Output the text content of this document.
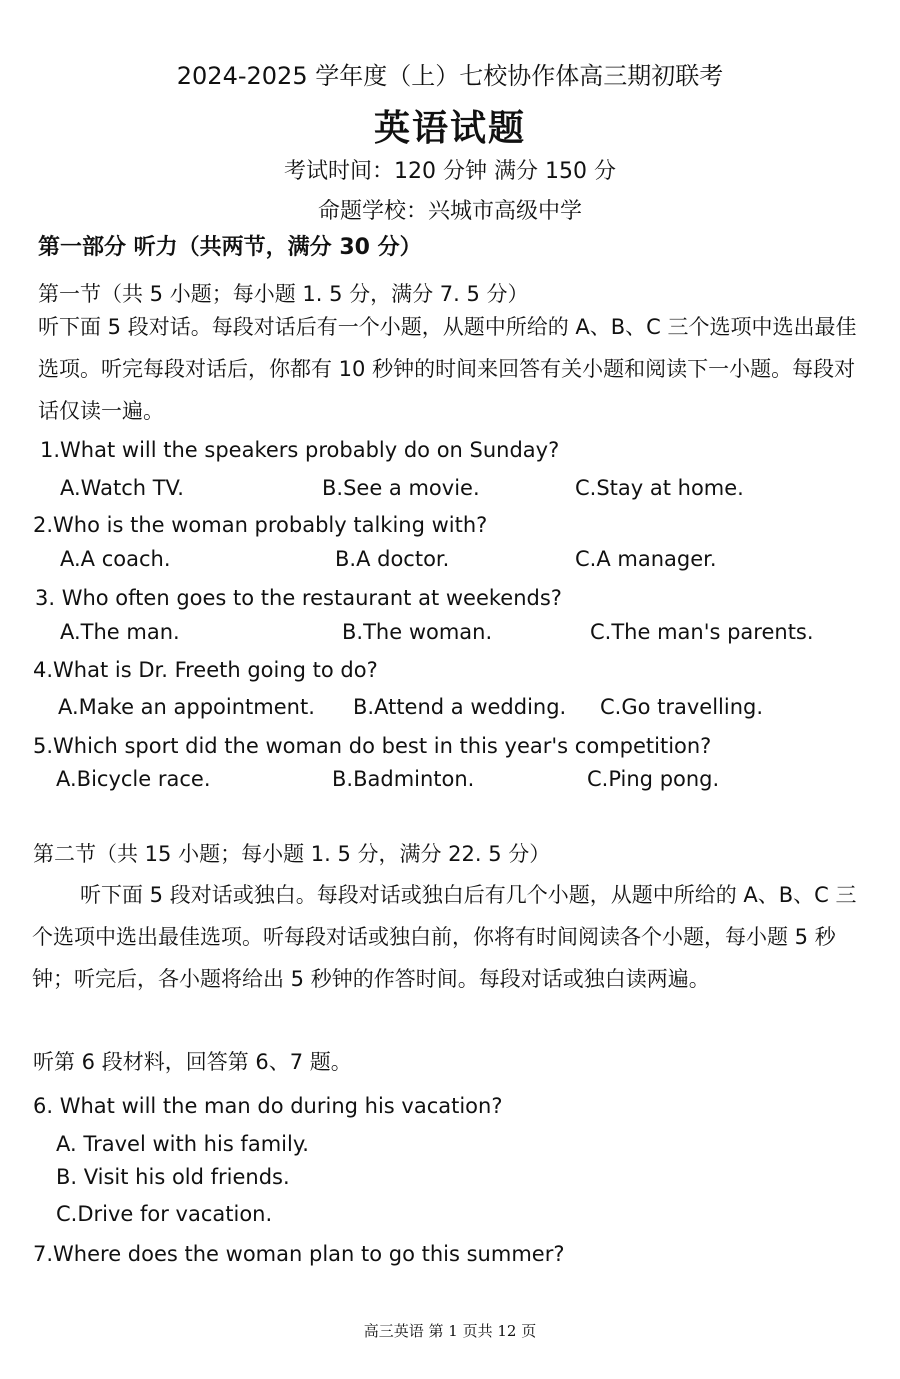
2024-2025 学年度（上）七校协作体高三期初联考
英语试题
考试时间：120 分钟 满分 150 分
命题学校：兴城市高级中学
第一部分 听力（共两节，满分 30 分）
第一节（共 5 小题；每小题 1. 5 分，满分 7. 5 分）
听下面 5 段对话。每段对话后有一个小题，从题中所给的 A、B、C 三个选项中选出最佳选项。听完每段对话后，你都有 10 秒钟的时间来回答有关小题和阅读下一小题。每段对话仅读一遍。
1.What will the speakers probably do on Sunday?
A.Watch TV.	B.See a movie.	C.Stay at home.
2.Who is the woman probably talking with?
A.A coach.	B.A doctor.	C.A manager.
3. Who often goes to the restaurant at weekends?
A.The man.	B.The woman.	C.The man's parents.
4.What is Dr. Freeth going to do?
A.Make an appointment. B.Attend a wedding. C.Go travelling.
5.Which sport did the woman do best in this year's competition?
A.Bicycle race.	B.Badminton.	C.Ping pong.
第二节（共 15 小题；每小题 1. 5 分，满分 22. 5 分）
听下面 5 段对话或独白。每段对话或独白后有几个小题，从题中所给的 A、B、C 三个选项中选出最佳选项。听每段对话或独白前，你将有时间阅读各个小题，每小题 5 秒钟；听完后，各小题将给出 5 秒钟的作答时间。每段对话或独白读两遍。
听第 6 段材料，回答第 6、7 题。
6. What will the man do during his vacation?
A. Travel with his family.
B. Visit his old friends.
C.Drive for vacation.
7.Where does the woman plan to go this summer?
高三英语 第 1 页共 12 页
